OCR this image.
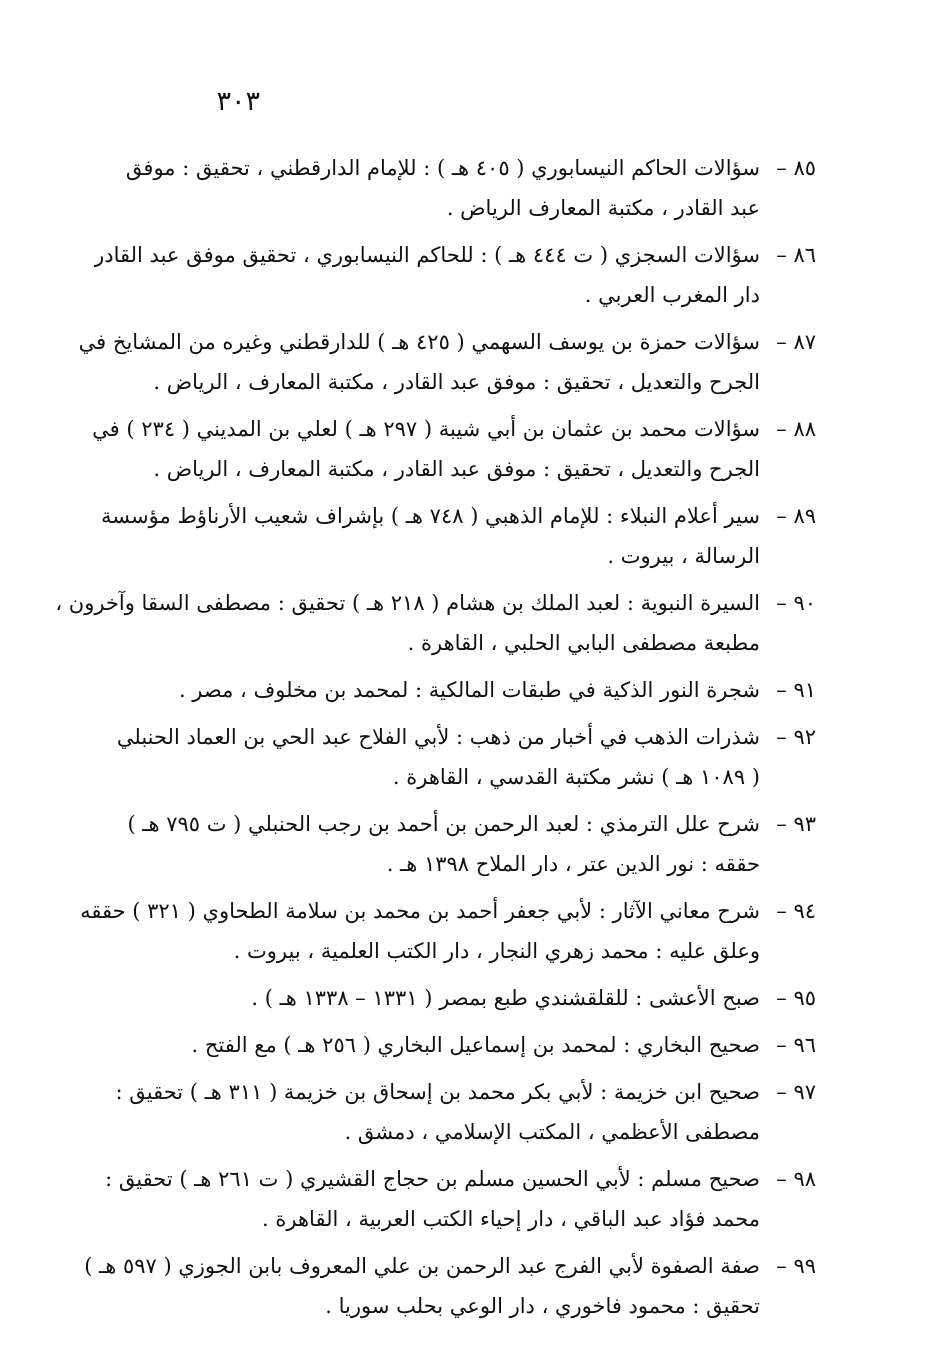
٣٠٣
٨٥ –
سؤالات الحاكم النيسابوري ( ٤٠٥ هـ ) : للإمام الدارقطني ، تحقيق : موفق
عبد القادر ، مكتبة المعارف الرياض .
٨٦ –
سؤالات السجزي ( ت ٤٤٤ هـ ) : للحاكم النيسابوري ، تحقيق موفق عبد القادر
دار المغرب العربي .
٨٧ –
سؤالات حمزة بن يوسف السهمي ( ٤٢٥ هـ ) للدارقطني وغيره من المشايخ في
الجرح والتعديل ، تحقيق : موفق عبد القادر ، مكتبة المعارف ، الرياض .
٨٨ –
سؤالات محمد بن عثمان بن أبي شيبة ( ٢٩٧ هـ ) لعلي بن المديني ( ٢٣٤ ) في
الجرح والتعديل ، تحقيق : موفق عبد القادر ، مكتبة المعارف ، الرياض .
٨٩ –
سير أعلام النبلاء : للإمام الذهبي ( ٧٤٨ هـ ) بإشراف شعيب الأرناؤط مؤسسة
الرسالة ، بيروت .
٩٠ –
السيرة النبوية : لعبد الملك بن هشام ( ٢١٨ هـ ) تحقيق : مصطفى السقا وآخرون ،
مطبعة مصطفى البابي الحلبي ، القاهرة .
٩١ –
شجرة النور الذكية في طبقات المالكية : لمحمد بن مخلوف ، مصر .
٩٢ –
شذرات الذهب في أخبار من ذهب : لأبي الفلاح عبد الحي بن العماد الحنبلي
( ١٠٨٩ هـ ) نشر مكتبة القدسي ، القاهرة .
٩٣ –
شرح علل الترمذي : لعبد الرحمن بن أحمد بن رجب الحنبلي ( ت ٧٩٥ هـ )
حققه : نور الدين عتر ، دار الملاح ١٣٩٨ هـ .
٩٤ –
شرح معاني الآثار : لأبي جعفر أحمد بن محمد بن سلامة الطحاوي ( ٣٢١ ) حققه
وعلق عليه : محمد زهري النجار ، دار الكتب العلمية ، بيروت .
٩٥ –
صبح الأعشى : للقلقشندي طبع بمصر ( ١٣٣١ – ١٣٣٨ هـ ) .
٩٦ –
صحيح البخاري : لمحمد بن إسماعيل البخاري ( ٢٥٦ هـ ) مع الفتح .
٩٧ –
صحيح ابن خزيمة : لأبي بكر محمد بن إسحاق بن خزيمة ( ٣١١ هـ ) تحقيق :
مصطفى الأعظمي ، المكتب الإسلامي ، دمشق .
٩٨ –
صحيح مسلم : لأبي الحسين مسلم بن حجاج القشيري ( ت ٢٦١ هـ ) تحقيق :
محمد فؤاد عبد الباقي ، دار إحياء الكتب العربية ، القاهرة .
٩٩ –
صفة الصفوة لأبي الفرج عبد الرحمن بن علي المعروف بابن الجوزي ( ٥٩٧ هـ )
تحقيق : محمود فاخوري ، دار الوعي بحلب سوريا .
